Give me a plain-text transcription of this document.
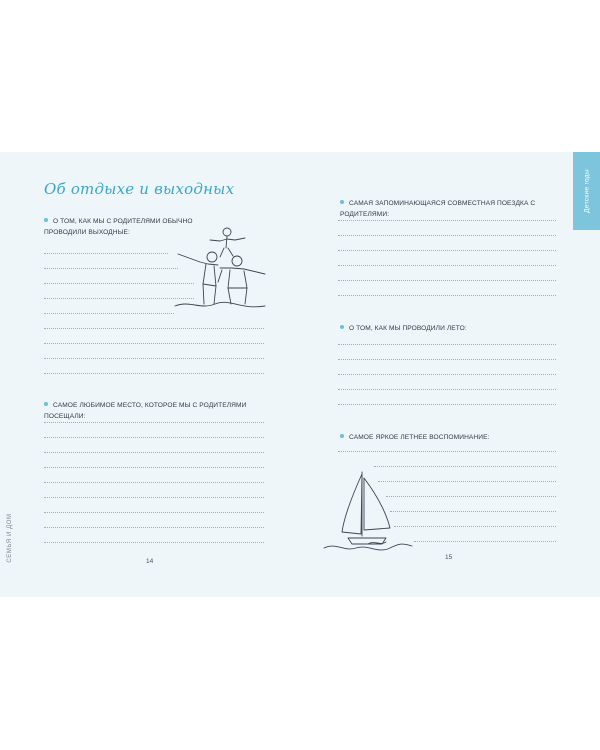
Об отдыхе и выходных
О ТОМ, КАК МЫ С РОДИТЕЛЯМИ ОБЫЧНО ПРОВОДИЛИ ВЫХОДНЫЕ:
САМОЕ ЛЮБИМОЕ МЕСТО, КОТОРОЕ МЫ С РОДИТЕЛЯМИ ПОСЕЩАЛИ:
14
САМАЯ ЗАПОМИНАЮЩАЯСЯ СОВМЕСТНАЯ ПОЕЗДКА С РОДИТЕЛЯМИ:
О ТОМ, КАК МЫ ПРОВОДИЛИ ЛЕТО:
САМОЕ ЯРКОЕ ЛЕТНЕЕ ВОСПОМИНАНИЕ:
15
Детские годы
СЕМЬЯ И ДОМ
